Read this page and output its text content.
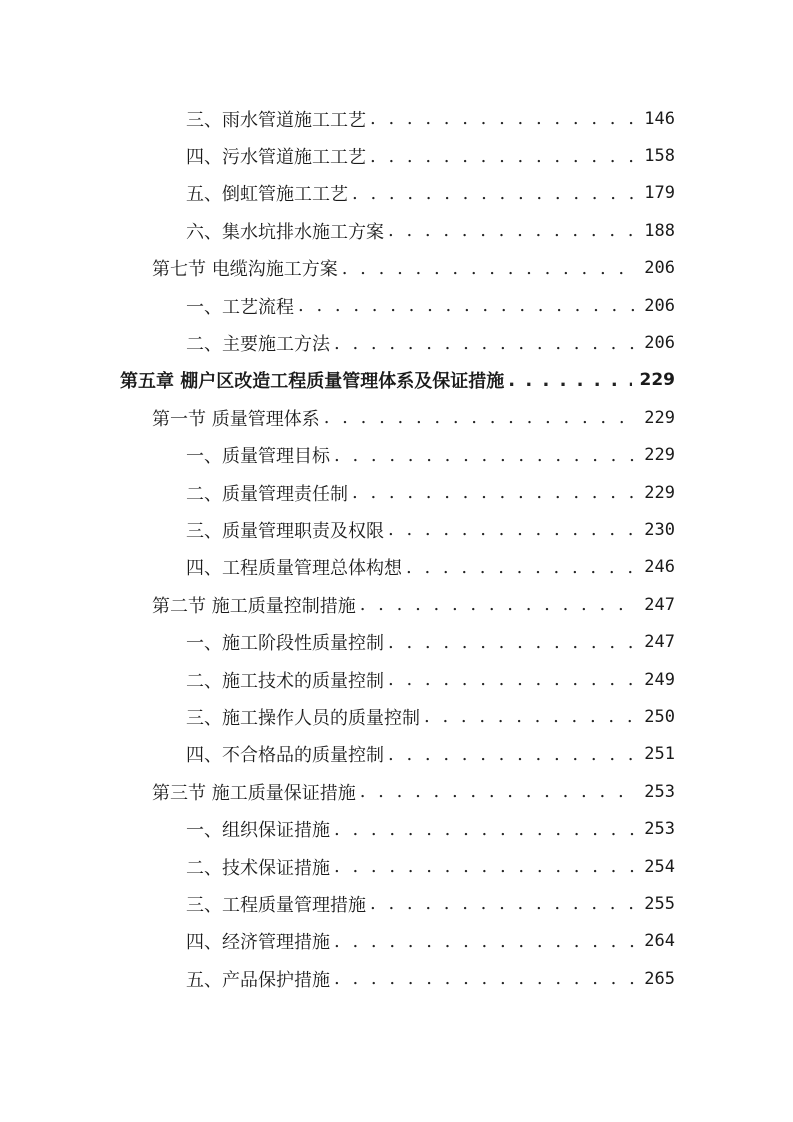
三、雨水管道施工工艺 . . .	146
四、污水管道施工工艺 . . .	158
五、倒虹管施工工艺 . . .	179
六、集水坑排水施工方案 . . .	188
第七节 电缆沟施工方案 . . .	206
一、工艺流程 . . .	206
二、主要施工方法 . . .	206
第五章 棚户区改造工程质量管理体系及保证措施 . . .	229
第一节 质量管理体系 . . .	229
一、质量管理目标 . . .	229
二、质量管理责任制 . . .	229
三、质量管理职责及权限 . . .	230
四、工程质量管理总体构想 . . .	246
第二节 施工质量控制措施 . . .	247
一、施工阶段性质量控制 . . .	247
二、施工技术的质量控制 . . .	249
三、施工操作人员的质量控制 . . .	250
四、不合格品的质量控制 . . .	251
第三节 施工质量保证措施 . . .	253
一、组织保证措施 . . .	253
二、技术保证措施 . . .	254
三、工程质量管理措施 . . .	255
四、经济管理措施 . . .	264
五、产品保护措施 . . .	265
